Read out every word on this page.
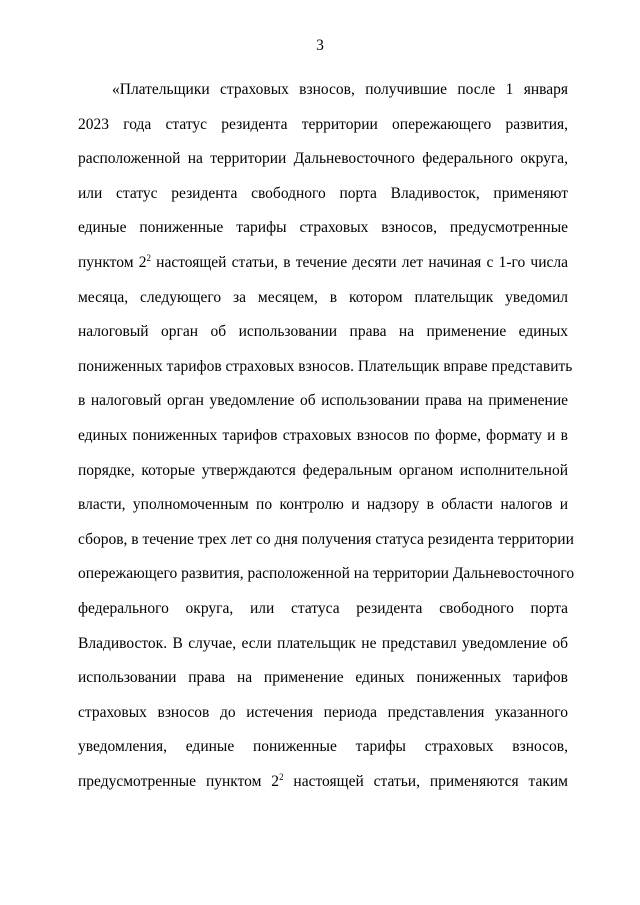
3
«Плательщики страховых взносов, получившие после 1 января
2023 года статус резидента территории опережающего развития,
расположенной на территории Дальневосточного федерального округа,
или статус резидента свободного порта Владивосток, применяют
единые пониженные тарифы страховых взносов, предусмотренные
пунктом $2^2$ настоящей статьи, в течение десяти лет начиная с 1-го числа
месяца, следующего за месяцем, в котором плательщик уведомил
налоговый орган об использовании права на применение единых
пониженных тарифов страховых взносов. Плательщик вправе представить
в налоговый орган уведомление об использовании права на применение
единых пониженных тарифов страховых взносов по форме, формату и в
порядке, которые утверждаются федеральным органом исполнительной
власти, уполномоченным по контролю и надзору в области налогов и
сборов, в течение трех лет со дня получения статуса резидента территории
опережающего развития, расположенной на территории Дальневосточного
федерального округа, или статуса резидента свободного порта
Владивосток. В случае, если плательщик не представил уведомление об
использовании права на применение единых пониженных тарифов
страховых взносов до истечения периода представления указанного
уведомления, единые пониженные тарифы страховых взносов,
предусмотренные пунктом $2^2$ настоящей статьи, применяются таким
